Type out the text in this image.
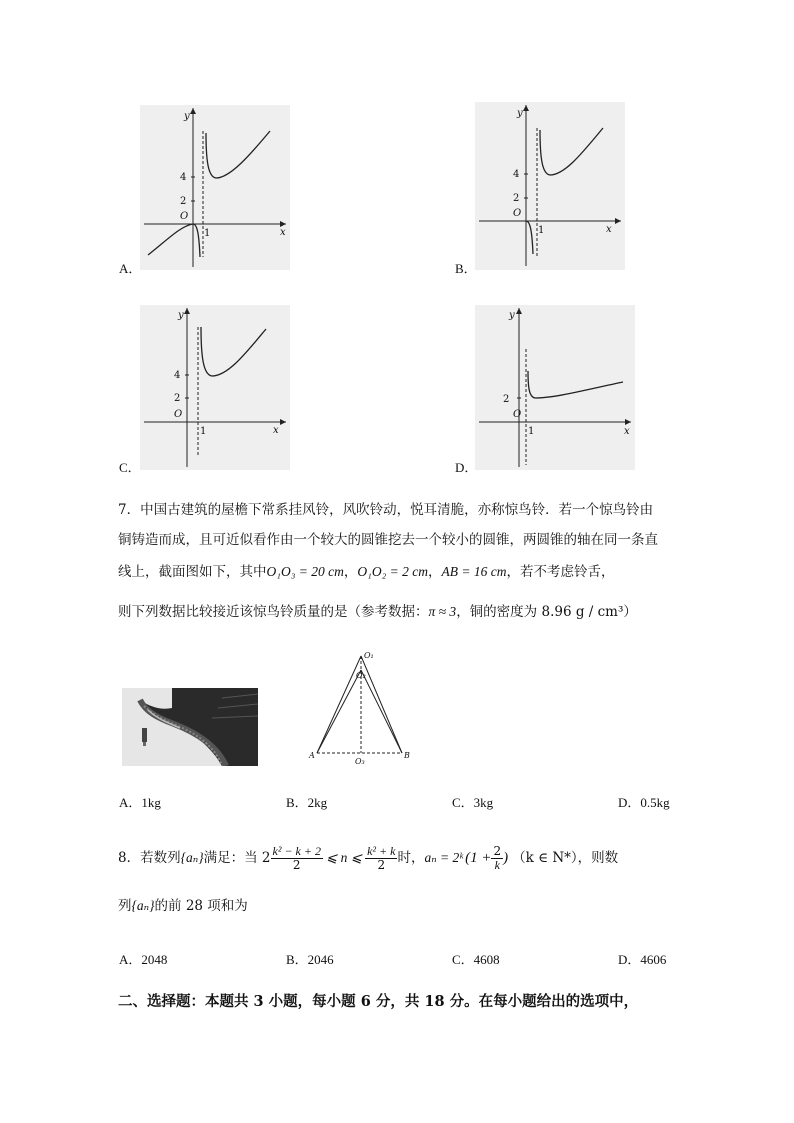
y
x
4
2
O
1
A．
y
x
4
2
O
1
B．
y
x
4
2
O
1
C．
y
x
2
O
1
D．
7．中国古建筑的屋檐下常系挂风铃，风吹铃动，悦耳清脆，亦称惊鸟铃．若一个惊鸟铃由
铜铸造而成，且可近似看作由一个较大的圆锥挖去一个较小的圆锥，两圆锥的轴在同一条直
线上，截面图如下，其中O₁O₃ = 20 cm，O₁O₂ = 2 cm，AB = 16 cm，若不考虑铃舌，
则下列数据比较接近该惊鸟铃质量的是（参考数据：π ≈ 3，铜的密度为 8.96 g / cm³）
O₁
O₂
O₃
A	B
A．1kg	B．2kg	C．3kg	D．0.5kg
8．若数列 {aₙ} 满足：当 $2 \frac{\text{k² − k + 2}}{2}$ ⩽ n ⩽ $\frac{\text{k² + k}}{2}$ 时， aₙ = 2ᵏ ($1 + \frac{2}{k}$ ) （k ∈ N*），则数
列{aₙ}的前 28 项和为
A．2048	B．2046	C．4608	D．4606
二、选择题：本题共 3 小题，每小题 6 分，共 18 分。在每小题给出的选项中，
